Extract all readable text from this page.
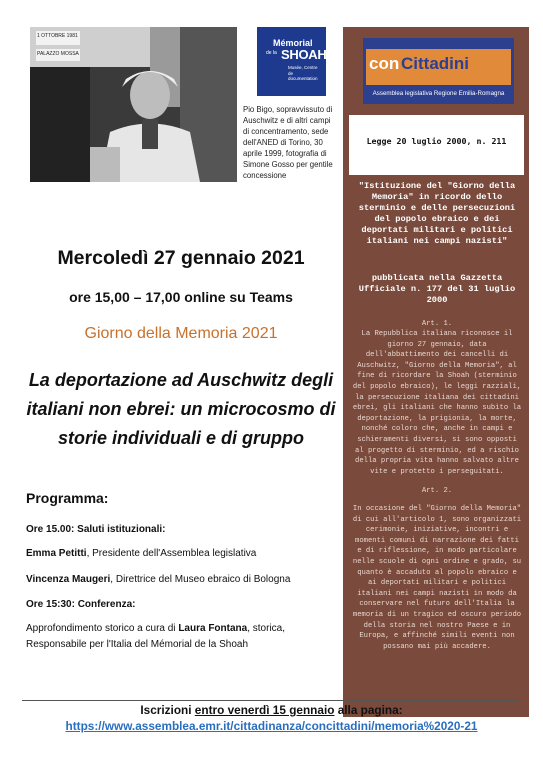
1 OTTOBRE 1981
PALAZZO MOSSA
Mémorial
de la SHOAH
Musée, Centre de documentation
Pio Bigo, sopravvissuto di Auschwitz e di altri campi di concentramento, sede dell'ANED di Torino, 30 aprile 1999, fotografia di Simone Gosso per gentile concessione
con Cittadini
Assemblea legislativa Regione Emilia-Romagna
Legge 20 luglio 2000, n. 211
"Istituzione del "Giorno della Memoria" in ricordo dello sterminio e delle persecuzioni del popolo ebraico e dei deportati militari e politici italiani nei campi nazisti"
pubblicata nella Gazzetta Ufficiale n. 177 del 31 luglio 2000
Art. 1.
La Repubblica italiana riconosce il giorno 27 gennaio, data dell'abbattimento dei cancelli di Auschwitz, "Giorno della Memoria", al fine di ricordare la Shoah (sterminio del popolo ebraico), le leggi razziali, la persecuzione italiana dei cittadini ebrei, gli italiani che hanno subìto la deportazione, la prigionia, la morte, nonché coloro che, anche in campi e schieramenti diversi, si sono opposti al progetto di sterminio, ed a rischio della propria vita hanno salvato altre vite e protetto i perseguitati.
Art. 2.
In occasione del "Giorno della Memoria" di cui all'articolo 1, sono organizzati cerimonie, iniziative, incontri e momenti comuni di narrazione dei fatti e di riflessione, in modo particolare nelle scuole di ogni ordine e grado, su quanto è accaduto al popolo ebraico e ai deportati militari e politici italiani nei campi nazisti in modo da conservare nel futuro dell'Italia la memoria di un tragico ed oscuro periodo della storia nel nostro Paese e in Europa, e affinché simili eventi non possano mai più accadere.
Mercoledì 27 gennaio 2021
ore 15,00 – 17,00 online su Teams
Giorno della Memoria 2021
La deportazione ad Auschwitz degli italiani non ebrei: un microcosmo di storie individuali e di gruppo
Programma:
Ore 15.00: Saluti istituzionali:
Emma Petitti, Presidente dell'Assemblea legislativa
Vincenza Maugeri, Direttrice del Museo ebraico di Bologna
Ore 15:30: Conferenza:
Approfondimento storico a cura di Laura Fontana, storica,
Responsabile per l'Italia del Mémorial de la Shoah
Iscrizioni entro venerdì 15 gennaio alla pagina:
https://www.assemblea.emr.it/cittadinanza/concittadini/memoria%2020-21
